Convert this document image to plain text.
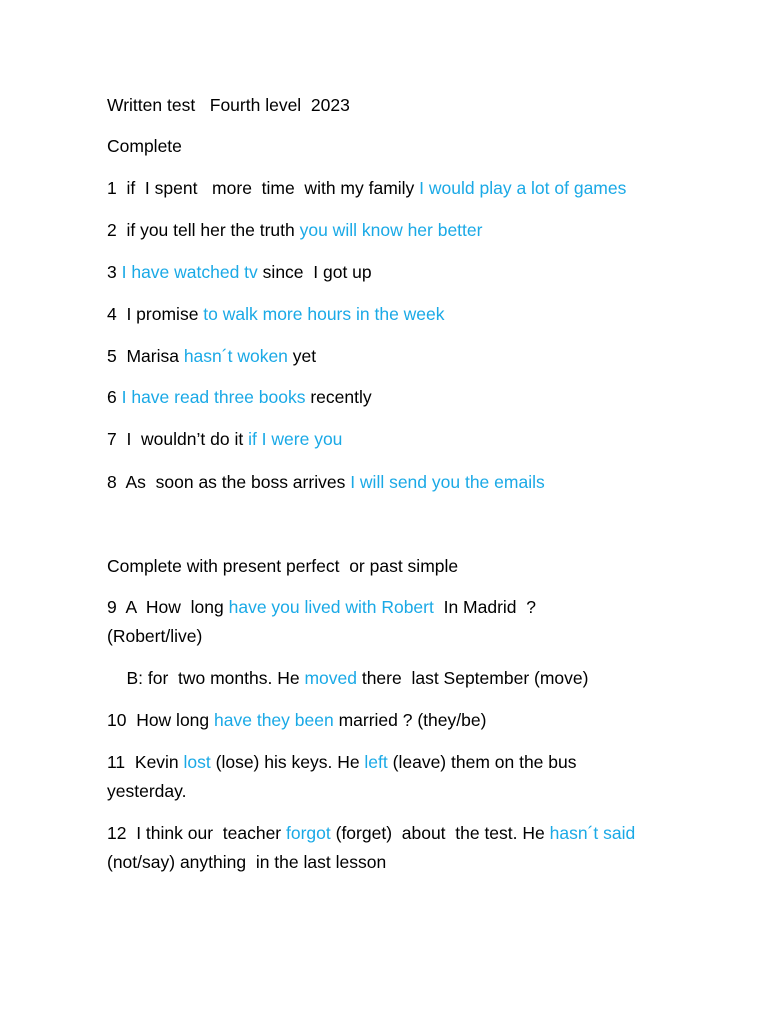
Written test   Fourth level  2023
Complete
1  if  I spent   more  time  with my family I would play a lot of games
2  if you tell her the truth you will know her better
3 I have watched tv since  I got up
4  I promise to walk more hours in the week
5  Marisa hasn´t woken yet
6 I have read three books recently
7  I  wouldn’t do it if I were you
8  As  soon as the boss arrives I will send you the emails
Complete with present perfect  or past simple
9  A  How  long have you lived with Robert  In Madrid  ? (Robert/live)
B: for  two months. He moved there  last September (move)
10  How long have they been married ? (they/be)
11  Kevin lost (lose) his keys. He left (leave) them on the bus yesterday.
12  I think our  teacher forgot (forget)  about  the test. He hasn´t said (not/say) anything  in the last lesson
